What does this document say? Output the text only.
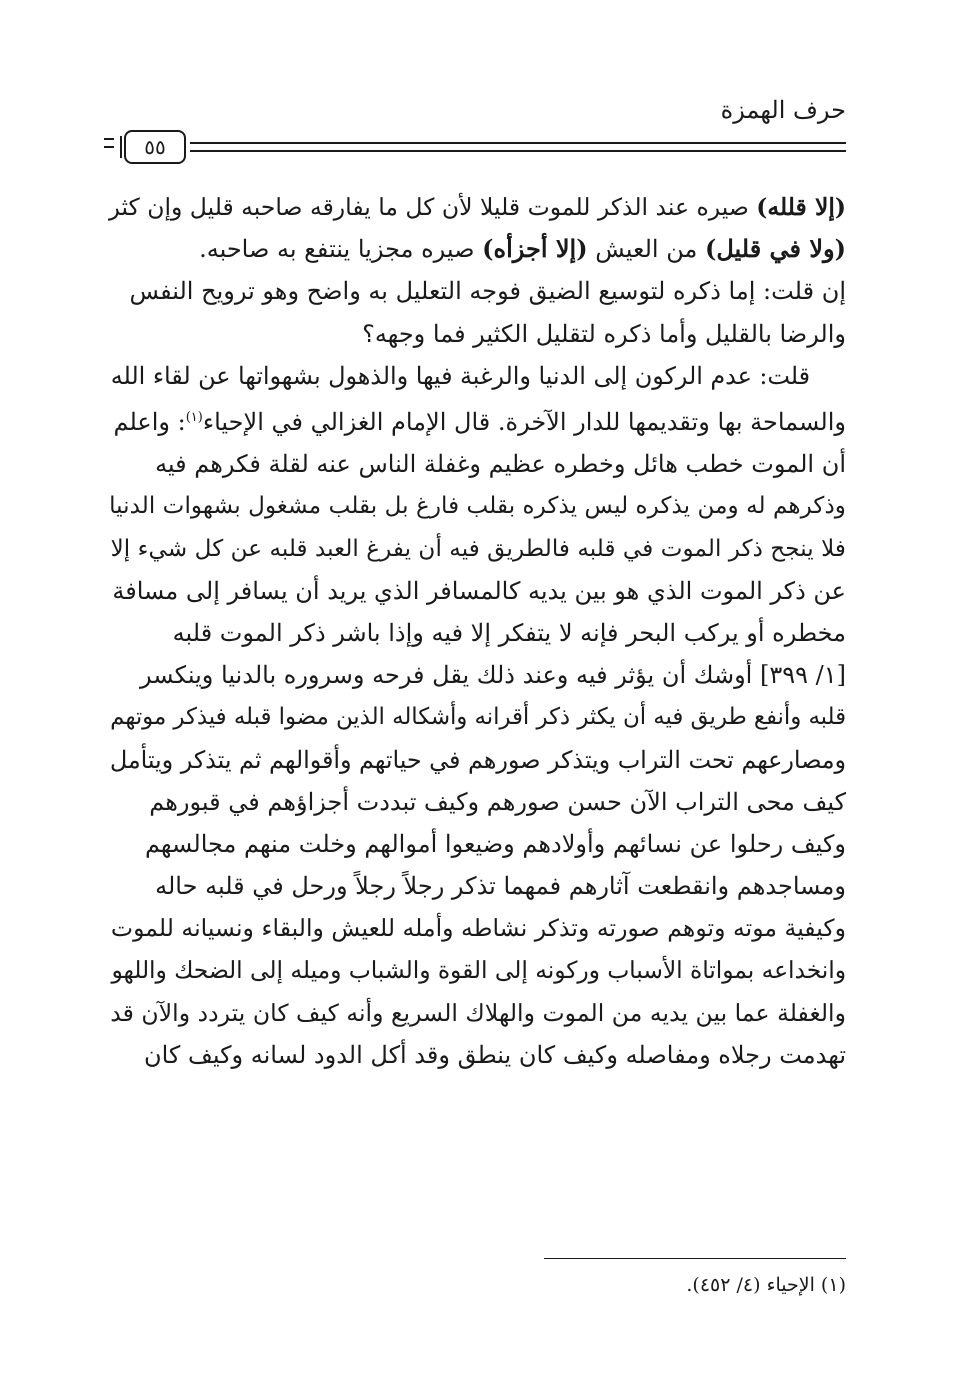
حرف الهمزة
٥٥
(إلا قلله) صيره عند الذكر للموت قليلا لأن كل ما يفارقه صاحبه قليل وإن كثر
(ولا في قليل) من العيش (إلا أجزأه) صيره مجزيا ينتفع به صاحبه.
إن قلت: إما ذكره لتوسيع الضيق فوجه التعليل به واضح وهو ترويح النفس
والرضا بالقليل وأما ذكره لتقليل الكثير فما وجهه؟
قلت: عدم الركون إلى الدنيا والرغبة فيها والذهول بشهواتها عن لقاء الله
والسماحة بها وتقديمها للدار الآخرة. قال الإمام الغزالي في الإحياء$^{(١)}$: واعلم
أن الموت خطب هائل وخطره عظيم وغفلة الناس عنه لقلة فكرهم فيه
وذكرهم له ومن يذكره ليس يذكره بقلب فارغ بل بقلب مشغول بشهوات الدنيا
فلا ينجح ذكر الموت في قلبه فالطريق فيه أن يفرغ العبد قلبه عن كل شيء إلا
عن ذكر الموت الذي هو بين يديه كالمسافر الذي يريد أن يسافر إلى مسافة
مخطره أو يركب البحر فإنه لا يتفكر إلا فيه وإذا باشر ذكر الموت قلبه
[١/ ٣٩٩] أوشك أن يؤثر فيه وعند ذلك يقل فرحه وسروره بالدنيا وينكسر
قلبه وأنفع طريق فيه أن يكثر ذكر أقرانه وأشكاله الذين مضوا قبله فيذكر موتهم
ومصارعهم تحت التراب ويتذكر صورهم في حياتهم وأقوالهم ثم يتذكر ويتأمل
كيف محى التراب الآن حسن صورهم وكيف تبددت أجزاؤهم في قبورهم
وكيف رحلوا عن نسائهم وأولادهم وضيعوا أموالهم وخلت منهم مجالسهم
ومساجدهم وانقطعت آثارهم فمهما تذكر رجلاً رجلاً ورحل في قلبه حاله
وكيفية موته وتوهم صورته وتذكر نشاطه وأمله للعيش والبقاء ونسيانه للموت
وانخداعه بمواتاة الأسباب وركونه إلى القوة والشباب وميله إلى الضحك واللهو
والغفلة عما بين يديه من الموت والهلاك السريع وأنه كيف كان يتردد والآن قد
تهدمت رجلاه ومفاصله وكيف كان ينطق وقد أكل الدود لسانه وكيف كان
(١) الإحياء (٤/ ٤٥٢).
